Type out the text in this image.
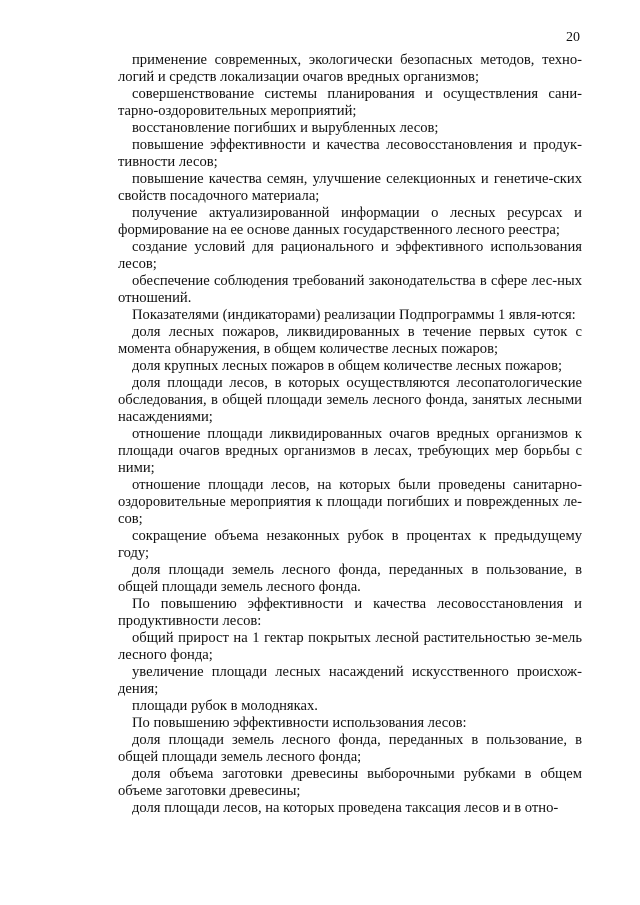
20

применение современных, экологически безопасных методов, техно-логий и средств локализации очагов вредных организмов;

совершенствование системы планирования и осуществления сани-тарно-оздоровительных мероприятий;

восстановление погибших и вырубленных лесов;

повышение эффективности и качества лесовосстановления и продук-тивности лесов;

повышение качества семян, улучшение селекционных и генетиче-ских свойств посадочного материала;

получение актуализированной информации о лесных ресурсах и формирование на ее основе данных государственного лесного реестра;

создание условий для рационального и эффективного использования лесов;

обеспечение соблюдения требований законодательства в сфере лес-ных отношений.

Показателями (индикаторами) реализации Подпрограммы 1 явля-ются:

доля лесных пожаров, ликвидированных в течение первых суток с момента обнаружения, в общем количестве лесных пожаров;

доля крупных лесных пожаров в общем количестве лесных пожаров;

доля площади лесов, в которых осуществляются лесопатологические обследования, в общей площади земель лесного фонда, занятых лесными насаждениями;

отношение площади ликвидированных очагов вредных организмов к площади очагов вредных организмов в лесах, требующих мер борьбы с ними;

отношение площади лесов, на которых были проведены санитарно-оздоровительные мероприятия к площади погибших и поврежденных ле-сов;

сокращение объема незаконных рубок в процентах к предыдущему году;

доля площади земель лесного фонда, переданных в пользование, в общей площади земель лесного фонда.

По повышению эффективности и качества лесовосстановления и продуктивности лесов:

общий прирост на 1 гектар покрытых лесной растительностью зе-мель лесного фонда;

увеличение площади лесных насаждений искусственного происхож-дения;

площади рубок в молодняках.

По повышению эффективности использования лесов:

доля площади земель лесного фонда, переданных в пользование, в общей площади земель лесного фонда;

доля объема заготовки древесины выборочными рубками в общем объеме заготовки древесины;

доля площади лесов, на которых проведена таксация лесов и в отно-
